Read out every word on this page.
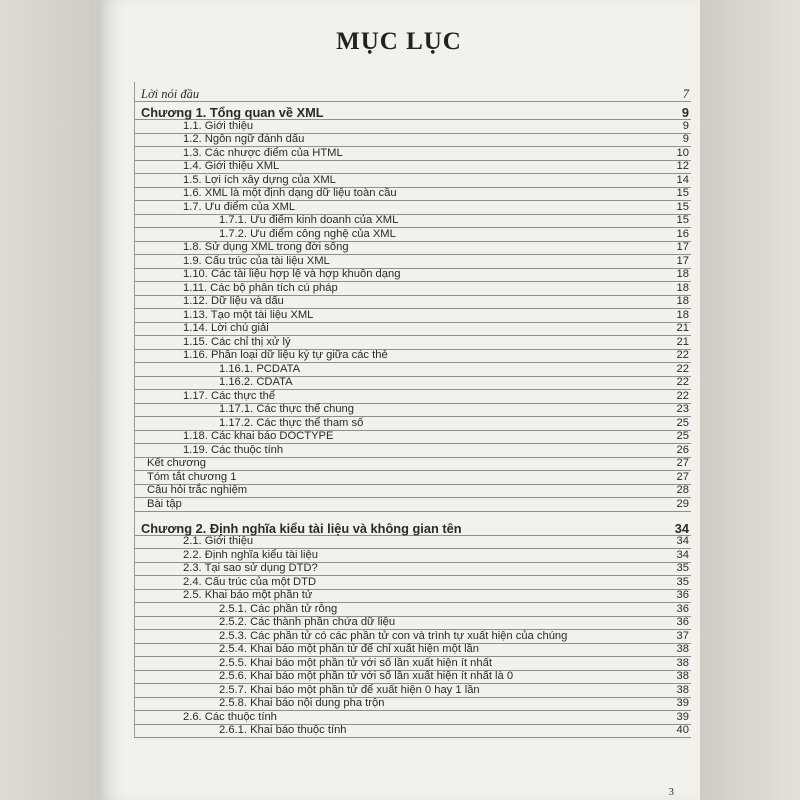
MỤC LỤC
Lời nói đầu	7
Chương 1. Tổng quan về XML	9
1.1. Giới thiệu	9
1.2. Ngôn ngữ đánh dấu	9
1.3. Các nhược điểm của HTML	10
1.4. Giới thiệu XML	12
1.5. Lợi ích xây dựng của XML	14
1.6. XML là một định dạng dữ liệu toàn cầu	15
1.7. Ưu điểm của XML	15
1.7.1. Ưu điểm kinh doanh của XML	15
1.7.2. Ưu điểm công nghệ của XML	16
1.8. Sử dụng XML trong đời sống	17
1.9. Cấu trúc của tài liệu XML	17
1.10. Các tài liệu hợp lệ và hợp khuôn dạng	18
1.11. Các bộ phân tích cú pháp	18
1.12. Dữ liệu và dấu	18
1.13. Tạo một tài liệu XML	18
1.14. Lời chú giải	21
1.15. Các chỉ thị xử lý	21
1.16. Phân loại dữ liệu ký tự giữa các thẻ	22
1.16.1. PCDATA	22
1.16.2. CDATA	22
1.17. Các thực thể	22
1.17.1. Các thực thể chung	23
1.17.2. Các thực thể tham số	25
1.18. Các khai báo DOCTYPE	25
1.19. Các thuộc tính	26
Kết chương	27
Tóm tắt chương 1	27
Câu hỏi trắc nghiệm	28
Bài tập	29
Chương 2. Định nghĩa kiểu tài liệu và không gian tên	34
2.1. Giới thiệu	34
2.2. Định nghĩa kiểu tài liệu	34
2.3. Tại sao sử dụng DTD?	35
2.4. Cấu trúc của một DTD	35
2.5. Khai báo một phần tử	36
2.5.1. Các phần tử rỗng	36
2.5.2. Các thành phần chứa dữ liệu	36
2.5.3. Các phần tử có các phần tử con và trình tự xuất hiện của chúng	37
2.5.4. Khai báo một phần tử để chỉ xuất hiện một lần	38
2.5.5. Khai báo một phần tử với số lần xuất hiện ít nhất	38
2.5.6. Khai báo một phần tử với số lần xuất hiện ít nhất là 0	38
2.5.7. Khai báo một phần tử để xuất hiện 0 hay 1 lần	38
2.5.8. Khai báo nội dung pha trộn	39
2.6. Các thuộc tính	39
2.6.1. Khai báo thuộc tính	40
3
